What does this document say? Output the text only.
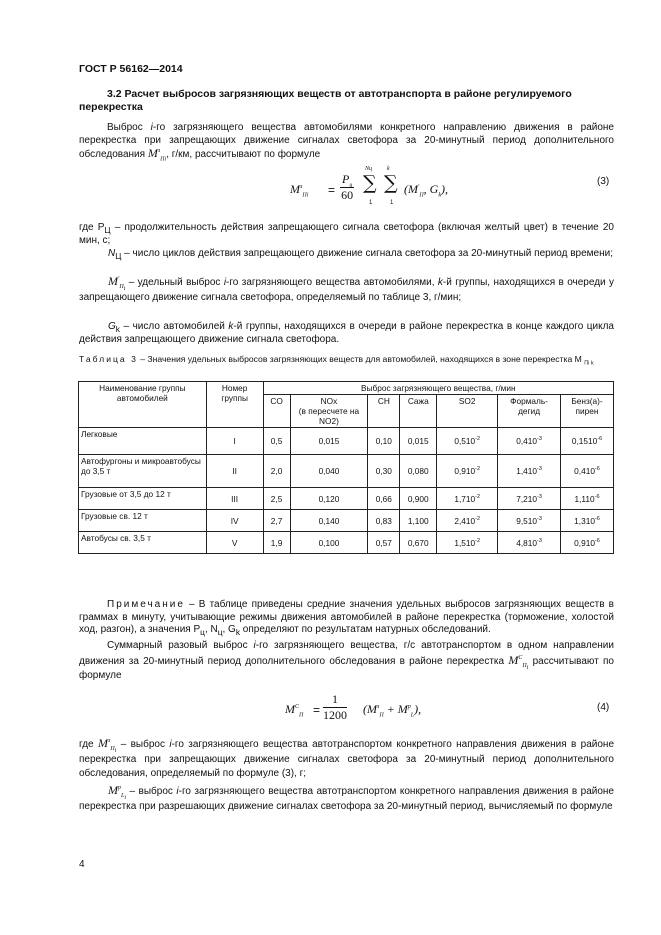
ГОСТ Р 56162—2014
3.2 Расчет выбросов загрязняющих веществ от автотранспорта в районе регулируемого перекрестка

Выброс i-го загрязняющего вещества автомобилями конкретного направлению движения в районе перекрестка при запрещающих движение сигналах светофора за 20-минутный период дополнительного обследования $M^з_{Пi}$, г/км, рассчитывают по формуле

$M^з_{Пi}$ =
$P_ц$
60
Nц
∑
1
k
∑
1
($M'_П$, $G_k$),
(3)

где $P_Ц$ – продолжительность действия запрещающего сигнала светофора (включая желтый цвет) в течение 20 мин, с;

$N_Ц$ – число циклов действия запрещающего движение сигнала светофора за 20-минутный период времени;

$M'_{П_i}$ – удельный выброс i-го загрязняющего вещества автомобилями, k-й группы, находящихся в очереди у запрещающего движение сигнала светофора, определяемый по таблице 3, г/мин;

$G_k$ – число автомобилей k-й группы, находящихся в очереди в районе перекрестка в конце каждого цикла действия запрещающего движение сигнала светофора.

Таблица 3 – Значения удельных выбросов загрязняющих веществ для автомобилей, находящихся в зоне перекрестка М $_{Пi k}$

Наименование группы автомобилей	Номер группы	Выброс загрязняющего вещества, г/мин						
		CO	NOx
(в пересчете на NO2)	CH	Сажа	SO2	Формаль-дегид	Бенз(а)-пирен
Легковые	I	0,5	0,015	0,10	0,015	$0,510^{-2}$	$0,410^{-3}$	$0,1510^{-6}$
Автофургоны и микроавтобусы до 3,5 т	II	2,0	0,040	0,30	0,080	$0,910^{-2}$	$1,410^{-3}$	$0,410^{-6}$
Грузовые от 3,5 до 12 т	III	2,5	0,120	0,66	0,900	$1,710^{-2}$	$7,210^{-3}$	$1,110^{-6}$
Грузовые св. 12 т	IV	2,7	0,140	0,83	1,100	$2,410^{-2}$	$9,510^{-3}$	$1,310^{-6}$
Автобусы св. 3,5 т	V	1,9	0,100	0,57	0,670	$1,510^{-2}$	$4,810^{-3}$	$0,910^{-6}$

Примечание – В таблице приведены средние значения удельных выбросов загрязняющих веществ в граммах в минуту, учитывающие режимы движения автомобилей в районе перекрестка (торможение, холостой ход, разгон), а значения $P_ц$, $N_ц$, $G_k$ определяют по результатам натурных обследований.

Суммарный разовый выброс i-го загрязняющего вещества, г/с автотранспортом в одном направлении движения за 20-минутный период дополнительного обследования в районе перекрестка $M^C_{П_i}$ рассчитывают по формуле

$M^C_П = \frac{1}{1200} (M^з_П + M^р_L)$,	(4)

где $M^з_{П_i}$ – выброс i-го загрязняющего вещества автотранспортом конкретного направления движения в районе перекрестка при запрещающих движение сигналах светофора за 20-минутный период дополнительного обследования, определяемый по формуле (3), г;

$M^р_{L_i}$ – выброс i-го загрязняющего вещества автотранспортом конкретного направления движения в районе перекрестка при разрешающих движение сигналах светофора за 20-минутный период, вычисляемый по формуле

4
